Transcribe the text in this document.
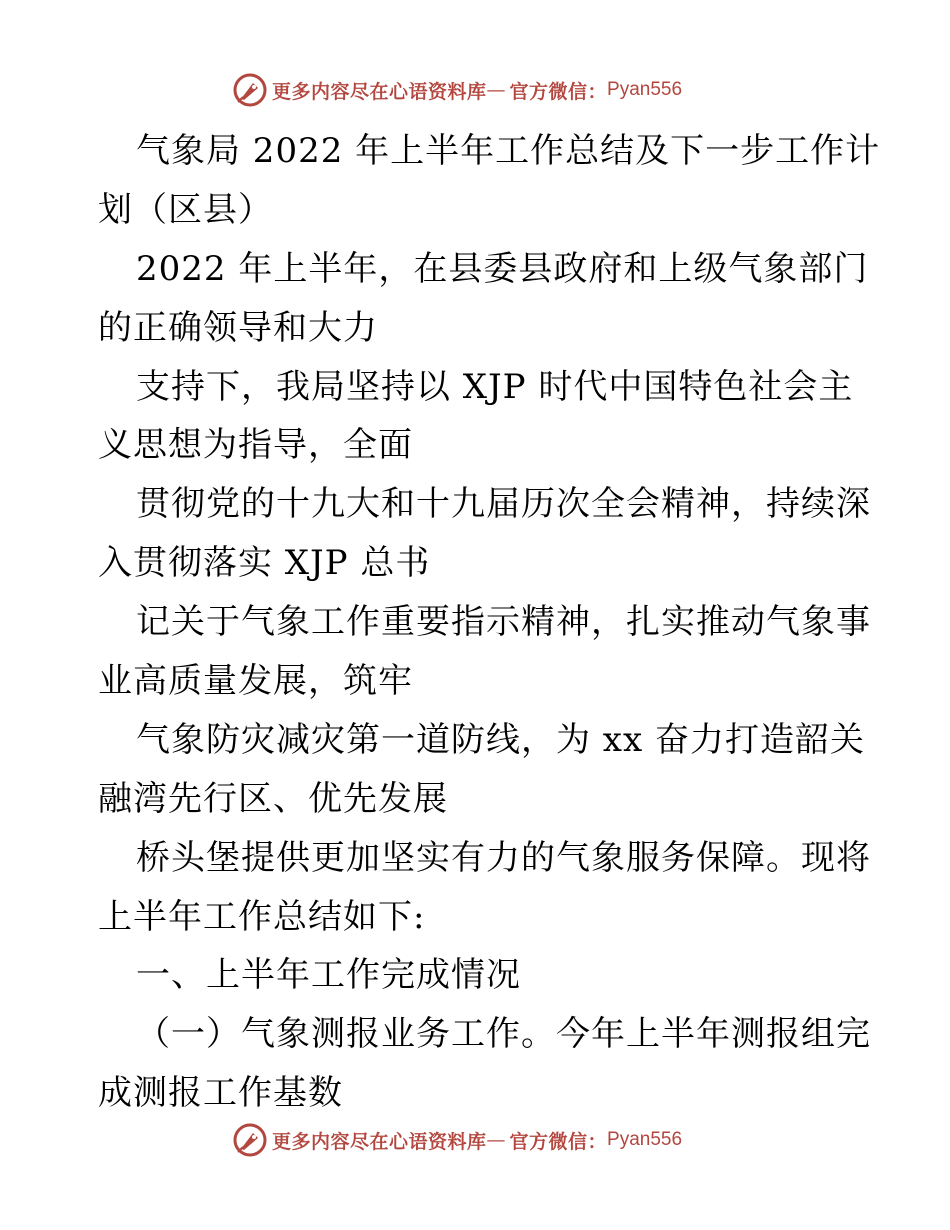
更多内容尽在心语资料库 — 官方微信： Pyan556
气象局 2022 年上半年工作总结及下一步工作计
划（区县）
2022 年上半年，在县委县政府和上级气象部门
的正确领导和大力
支持下，我局坚持以 XJP 时代中国特色社会主
义思想为指导，全面
贯彻党的十九大和十九届历次全会精神，持续深
入贯彻落实 XJP 总书
记关于气象工作重要指示精神，扎实推动气象事
业高质量发展，筑牢
气象防灾减灾第一道防线，为 xx 奋力打造韶关
融湾先行区、优先发展
桥头堡提供更加坚实有力的气象服务保障。现将
上半年工作总结如下:
一、上半年工作完成情况
（一）气象测报业务工作。今年上半年测报组完
成测报工作基数
更多内容尽在心语资料库 — 官方微信： Pyan556
